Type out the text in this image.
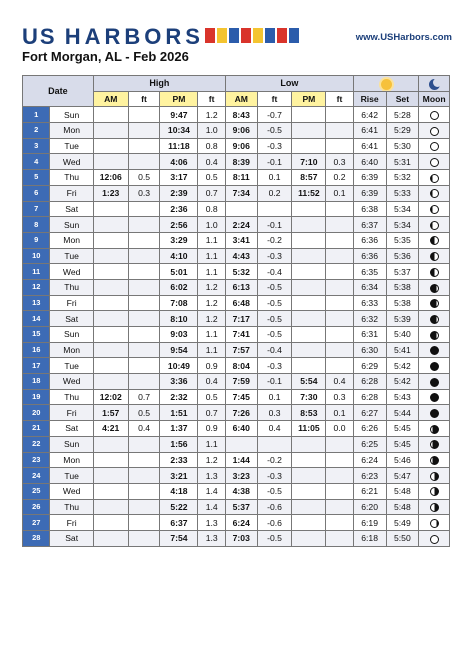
US HARBORS	www.USHarbors.com
Fort Morgan, AL - Feb 2026
Date		High				Low						
		AM	ft	PM	ft	AM	ft	PM	ft	Rise	Set	Moon
1	Sun			9:47	1.2	8:43	-0.7			6:42	5:28	
2	Mon			10:34	1.0	9:06	-0.5			6:41	5:29	
3	Tue			11:18	0.8	9:06	-0.3			6:41	5:30	
4	Wed			4:06	0.4	8:39	-0.1	7:10	0.3	6:40	5:31	
5	Thu	12:06	0.5	3:17	0.5	8:11	0.1	8:57	0.2	6:39	5:32	
6	Fri	1:23	0.3	2:39	0.7	7:34	0.2	11:52	0.1	6:39	5:33	
7	Sat			2:36	0.8					6:38	5:34	
8	Sun			2:56	1.0	2:24	-0.1			6:37	5:34	
9	Mon			3:29	1.1	3:41	-0.2			6:36	5:35	
10	Tue			4:10	1.1	4:43	-0.3			6:36	5:36	
11	Wed			5:01	1.1	5:32	-0.4			6:35	5:37	
12	Thu			6:02	1.2	6:13	-0.5			6:34	5:38	
13	Fri			7:08	1.2	6:48	-0.5			6:33	5:38	
14	Sat			8:10	1.2	7:17	-0.5			6:32	5:39	
15	Sun			9:03	1.1	7:41	-0.5			6:31	5:40	
16	Mon			9:54	1.1	7:57	-0.4			6:30	5:41	
17	Tue			10:49	0.9	8:04	-0.3			6:29	5:42	
18	Wed			3:36	0.4	7:59	-0.1	5:54	0.4	6:28	5:42	
19	Thu	12:02	0.7	2:32	0.5	7:45	0.1	7:30	0.3	6:28	5:43	
20	Fri	1:57	0.5	1:51	0.7	7:26	0.3	8:53	0.1	6:27	5:44	
21	Sat	4:21	0.4	1:37	0.9	6:40	0.4	11:05	0.0	6:26	5:45	
22	Sun			1:56	1.1					6:25	5:45	
23	Mon			2:33	1.2	1:44	-0.2			6:24	5:46	
24	Tue			3:21	1.3	3:23	-0.3			6:23	5:47	
25	Wed			4:18	1.4	4:38	-0.5			6:21	5:48	
26	Thu			5:22	1.4	5:37	-0.6			6:20	5:48	
27	Fri			6:37	1.3	6:24	-0.6			6:19	5:49	
28	Sat			7:54	1.3	7:03	-0.5			6:18	5:50	
